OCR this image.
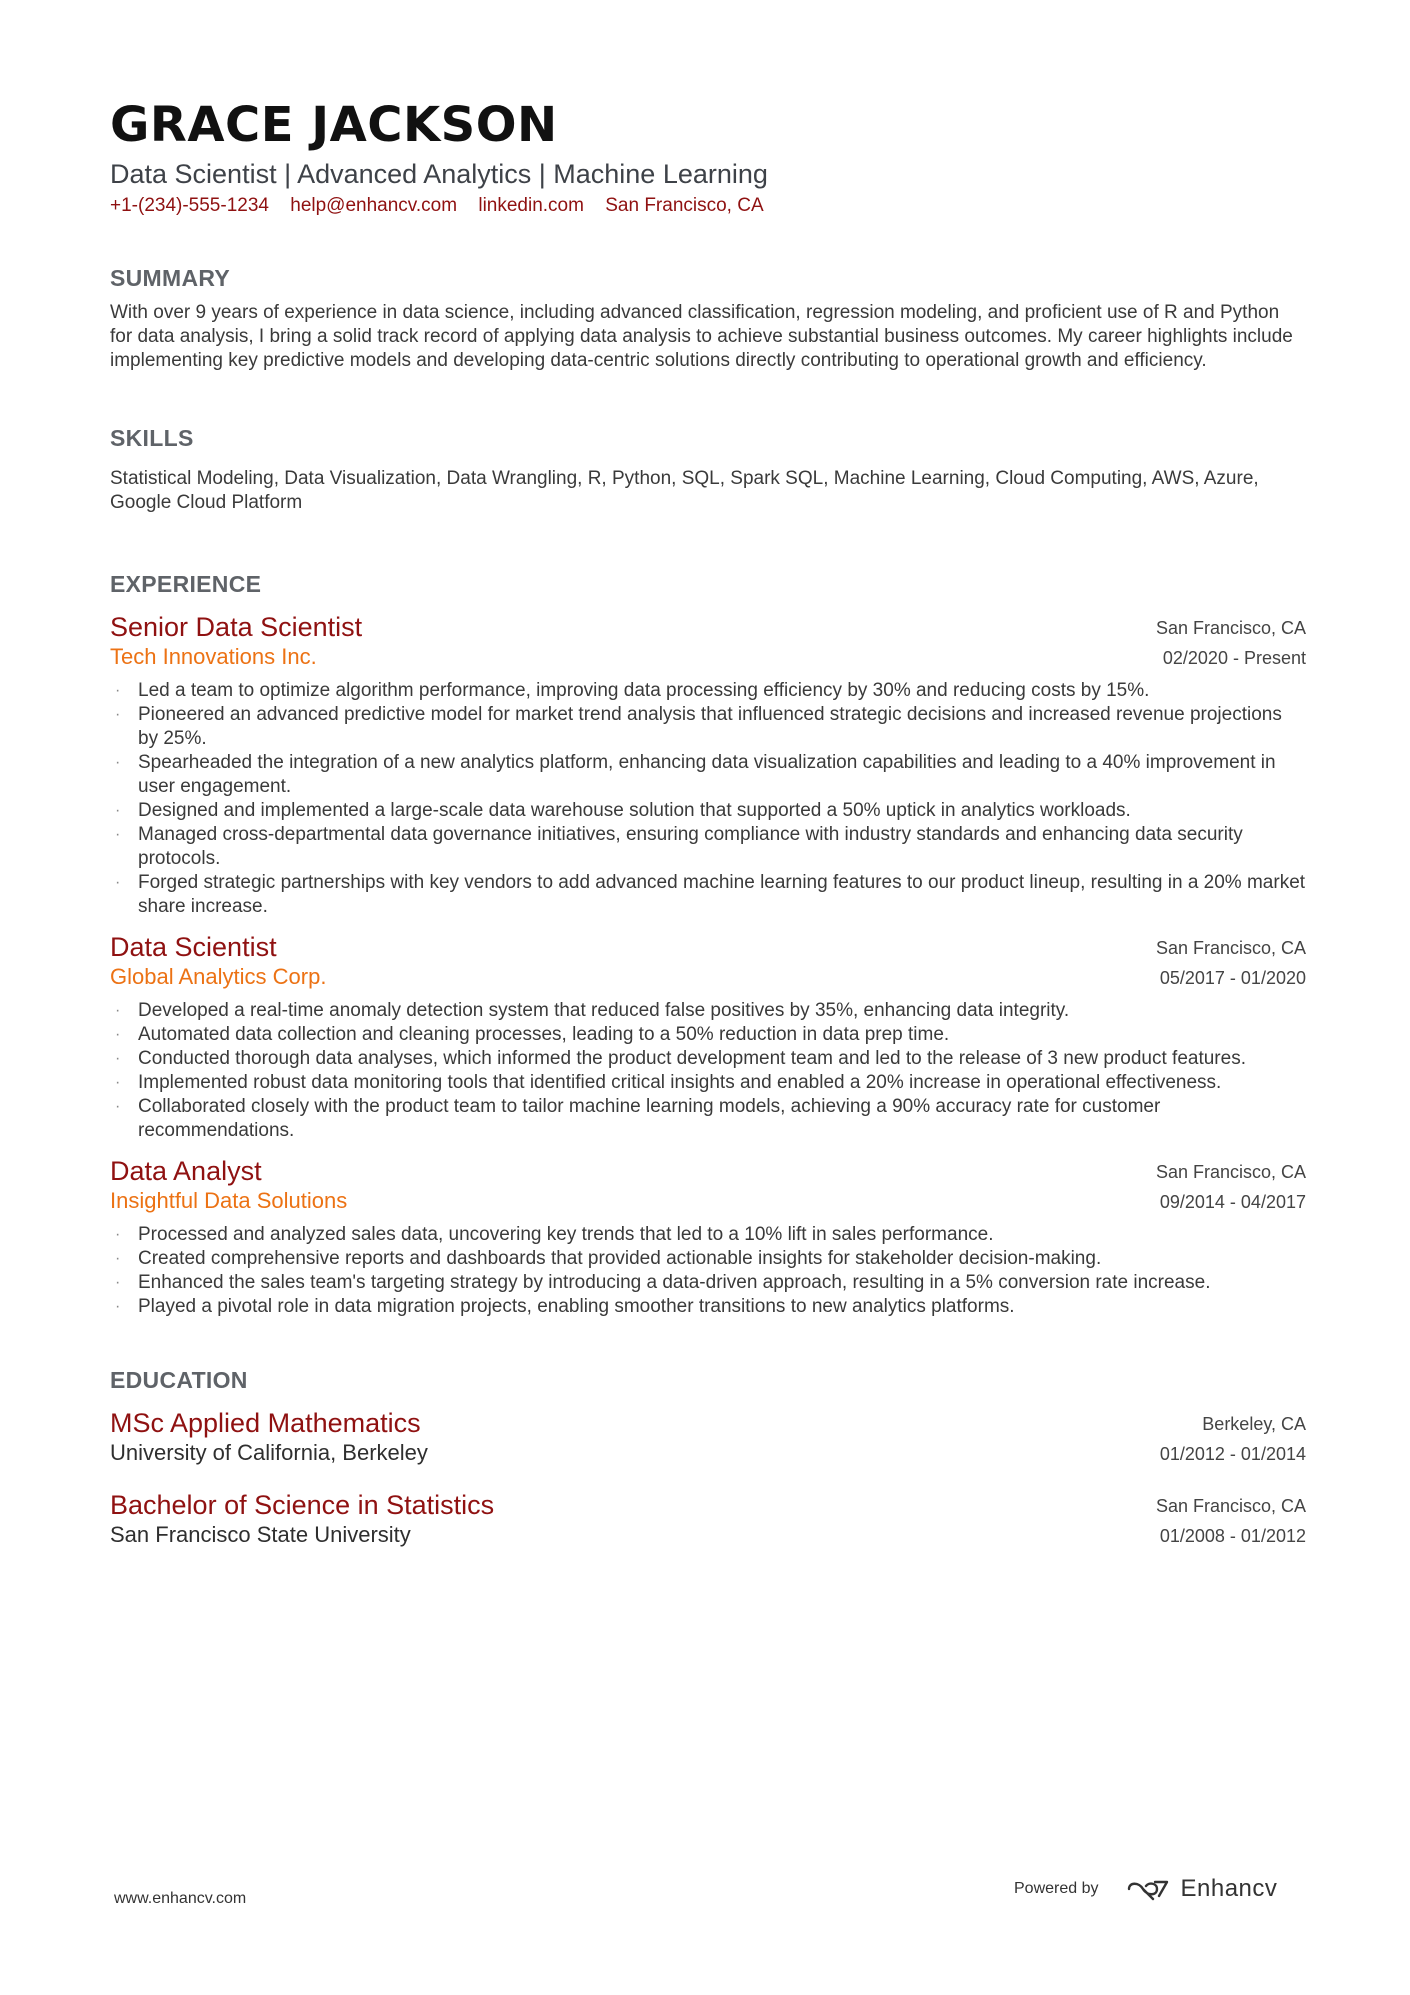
GRACE JACKSON
Data Scientist | Advanced Analytics | Machine Learning
+1-(234)-555-1234 help@enhancv.com linkedin.com San Francisco, CA
SUMMARY
With over 9 years of experience in data science, including advanced classification, regression modeling, and proficient use of R and Python for data analysis, I bring a solid track record of applying data analysis to achieve substantial business outcomes. My career highlights include implementing key predictive models and developing data-centric solutions directly contributing to operational growth and efficiency.
SKILLS
Statistical Modeling, Data Visualization, Data Wrangling, R, Python, SQL, Spark SQL, Machine Learning, Cloud Computing, AWS, Azure, Google Cloud Platform
EXPERIENCE
Senior Data Scientist
Tech Innovations Inc.
San Francisco, CA
02/2020 - Present
· Led a team to optimize algorithm performance, improving data processing efficiency by 30% and reducing costs by 15%.
· Pioneered an advanced predictive model for market trend analysis that influenced strategic decisions and increased revenue projections by 25%.
· Spearheaded the integration of a new analytics platform, enhancing data visualization capabilities and leading to a 40% improvement in user engagement.
· Designed and implemented a large-scale data warehouse solution that supported a 50% uptick in analytics workloads.
· Managed cross-departmental data governance initiatives, ensuring compliance with industry standards and enhancing data security protocols.
· Forged strategic partnerships with key vendors to add advanced machine learning features to our product lineup, resulting in a 20% market share increase.
Data Scientist
Global Analytics Corp.
San Francisco, CA
05/2017 - 01/2020
· Developed a real-time anomaly detection system that reduced false positives by 35%, enhancing data integrity.
· Automated data collection and cleaning processes, leading to a 50% reduction in data prep time.
· Conducted thorough data analyses, which informed the product development team and led to the release of 3 new product features.
· Implemented robust data monitoring tools that identified critical insights and enabled a 20% increase in operational effectiveness.
· Collaborated closely with the product team to tailor machine learning models, achieving a 90% accuracy rate for customer recommendations.
Data Analyst
Insightful Data Solutions
San Francisco, CA
09/2014 - 04/2017
· Processed and analyzed sales data, uncovering key trends that led to a 10% lift in sales performance.
· Created comprehensive reports and dashboards that provided actionable insights for stakeholder decision-making.
· Enhanced the sales team's targeting strategy by introducing a data-driven approach, resulting in a 5% conversion rate increase.
· Played a pivotal role in data migration projects, enabling smoother transitions to new analytics platforms.
EDUCATION
MSc Applied Mathematics
University of California, Berkeley
Berkeley, CA
01/2012 - 01/2014
Bachelor of Science in Statistics
San Francisco State University
San Francisco, CA
01/2008 - 01/2012
www.enhancv.com
Powered by	Enhancv
